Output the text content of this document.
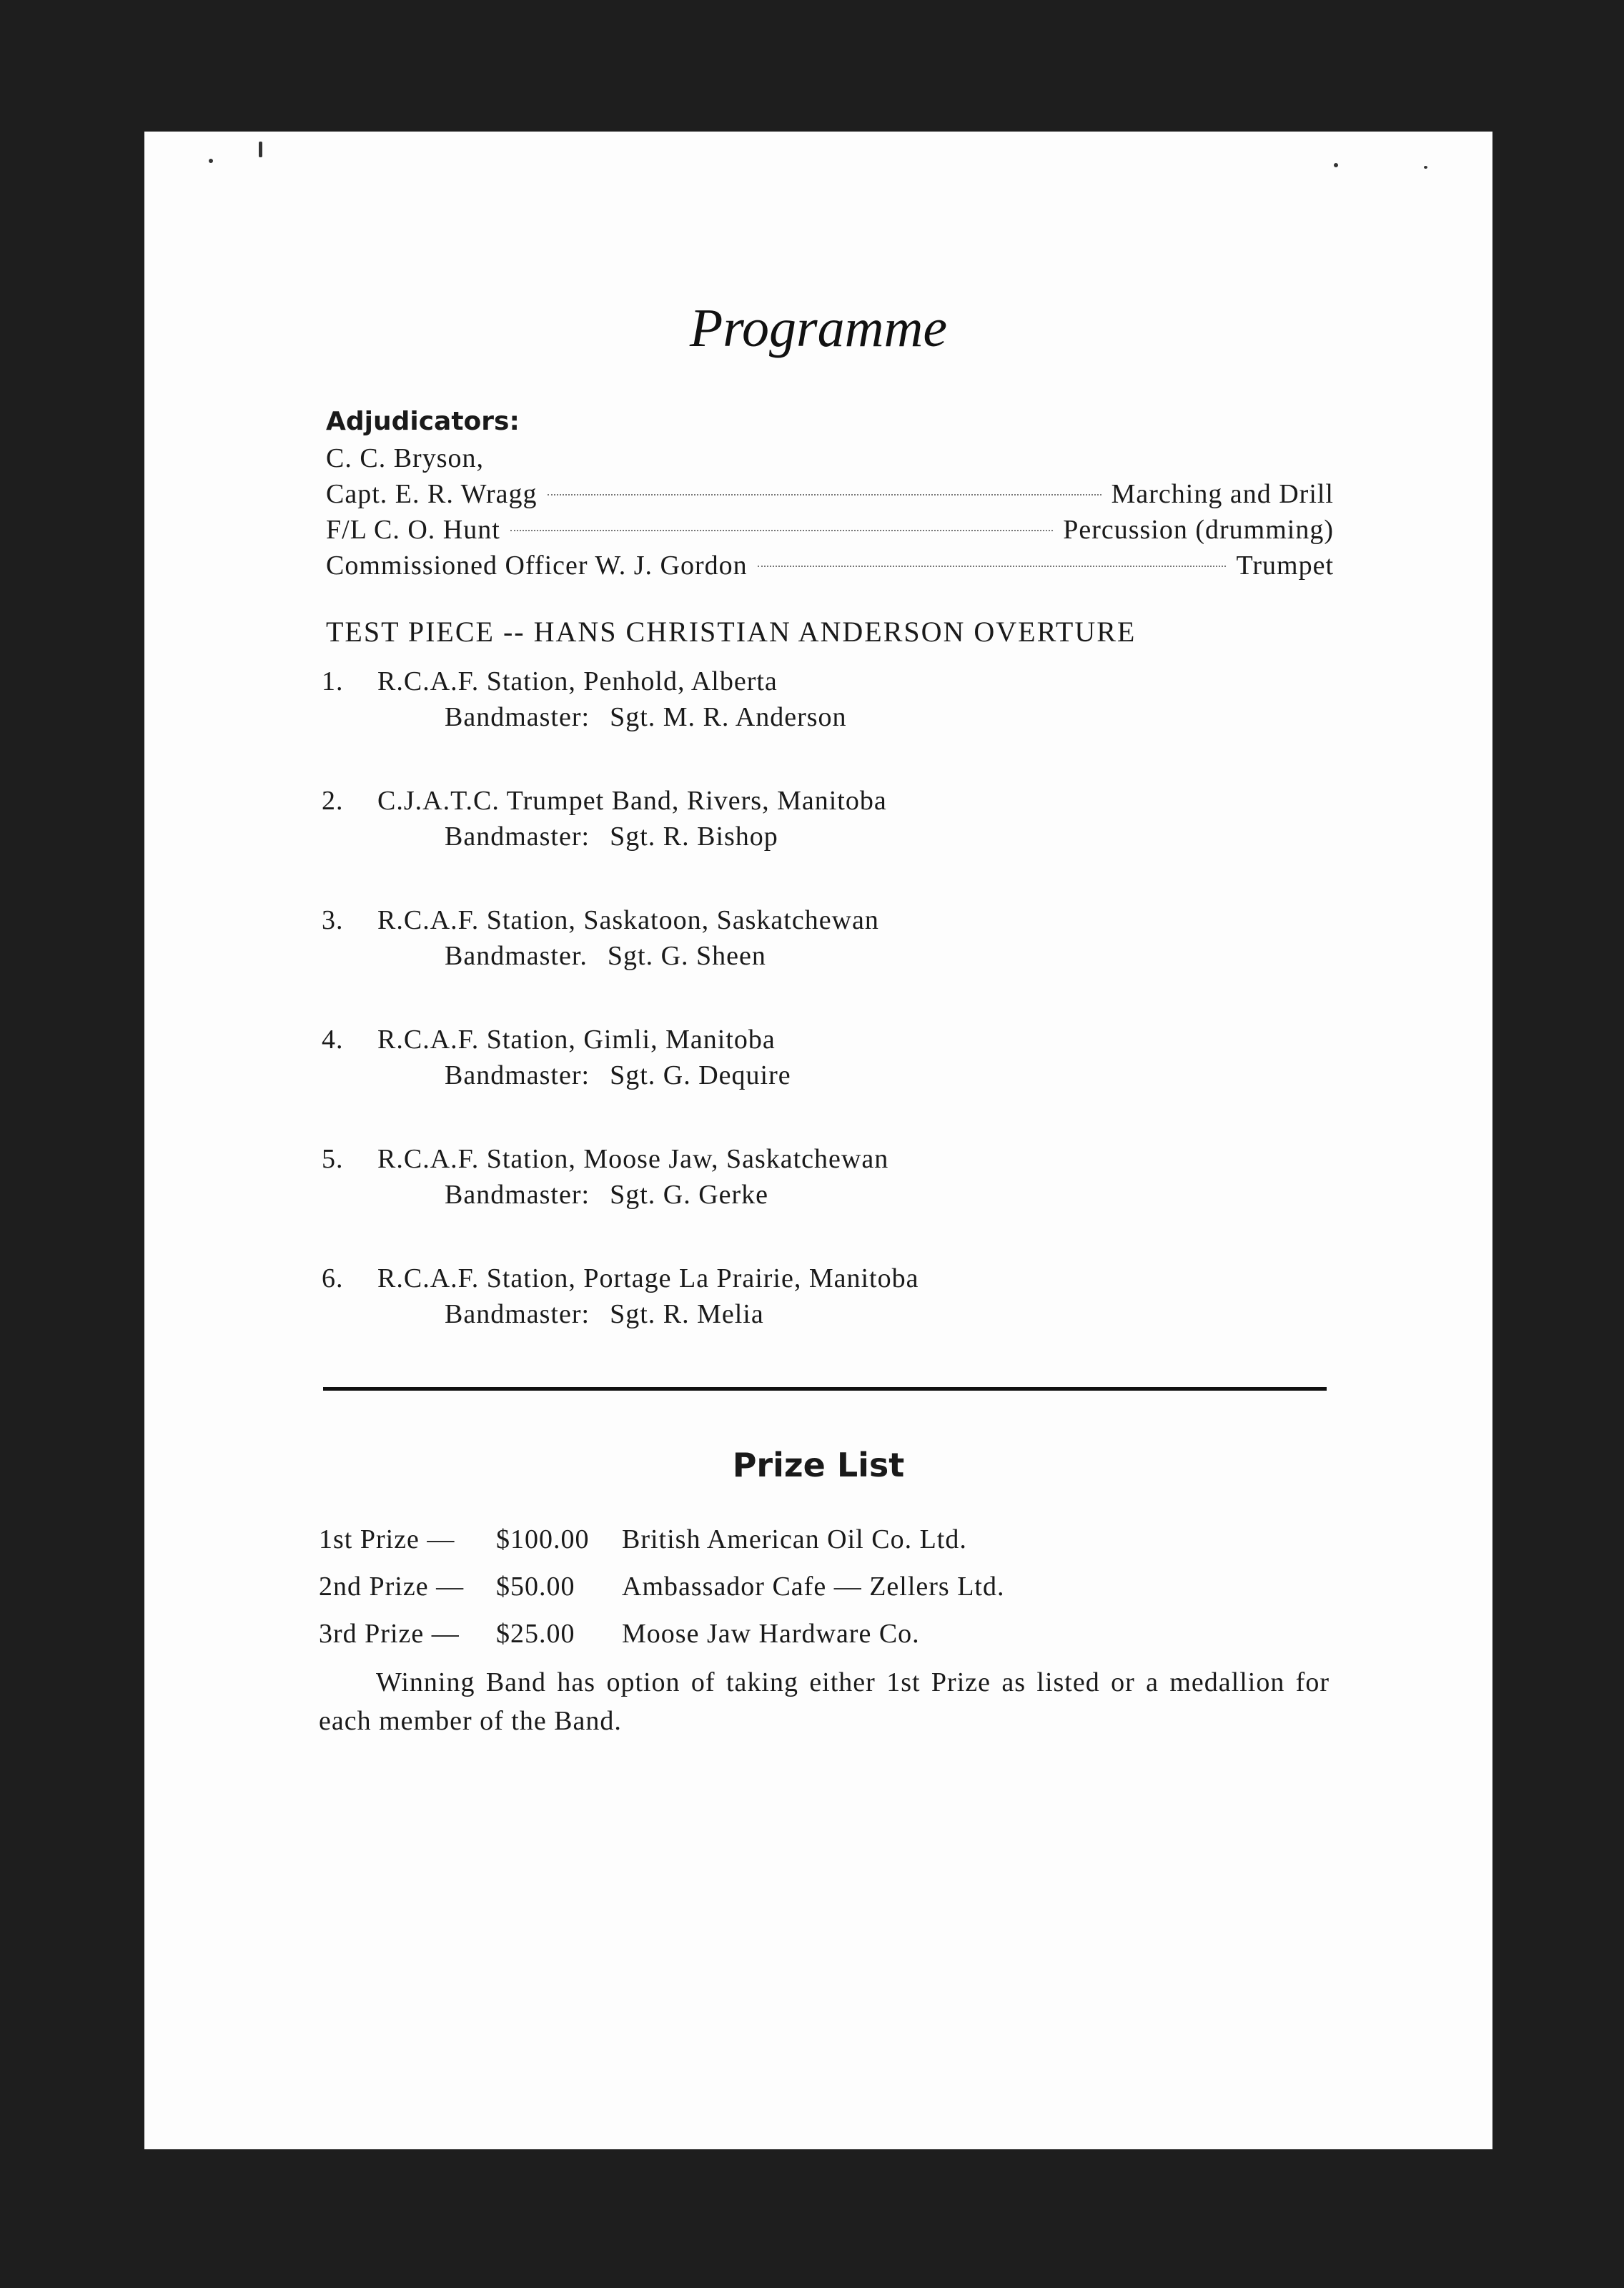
Programme
Adjudicators:
C. C. Bryson,
Capt. E. R. Wragg	Marching and Drill
F/L C. O. Hunt	Percussion (drumming)
Commissioned Officer W. J. Gordon	Trumpet
TEST PIECE -- HANS CHRISTIAN ANDERSON OVERTURE
1. R.C.A.F. Station, Penhold, Alberta
Bandmaster: Sgt. M. R. Anderson
2. C.J.A.T.C. Trumpet Band, Rivers, Manitoba
Bandmaster: Sgt. R. Bishop
3. R.C.A.F. Station, Saskatoon, Saskatchewan
Bandmaster. Sgt. G. Sheen
4. R.C.A.F. Station, Gimli, Manitoba
Bandmaster: Sgt. G. Dequire
5. R.C.A.F. Station, Moose Jaw, Saskatchewan
Bandmaster: Sgt. G. Gerke
6. R.C.A.F. Station, Portage La Prairie, Manitoba
Bandmaster: Sgt. R. Melia
Prize List
1st Prize — $100.00 British American Oil Co. Ltd.
2nd Prize — $50.00 Ambassador Cafe — Zellers Ltd.
3rd Prize — $25.00 Moose Jaw Hardware Co.
Winning Band has option of taking either 1st Prize as listed or a medallion for each member of the Band.
